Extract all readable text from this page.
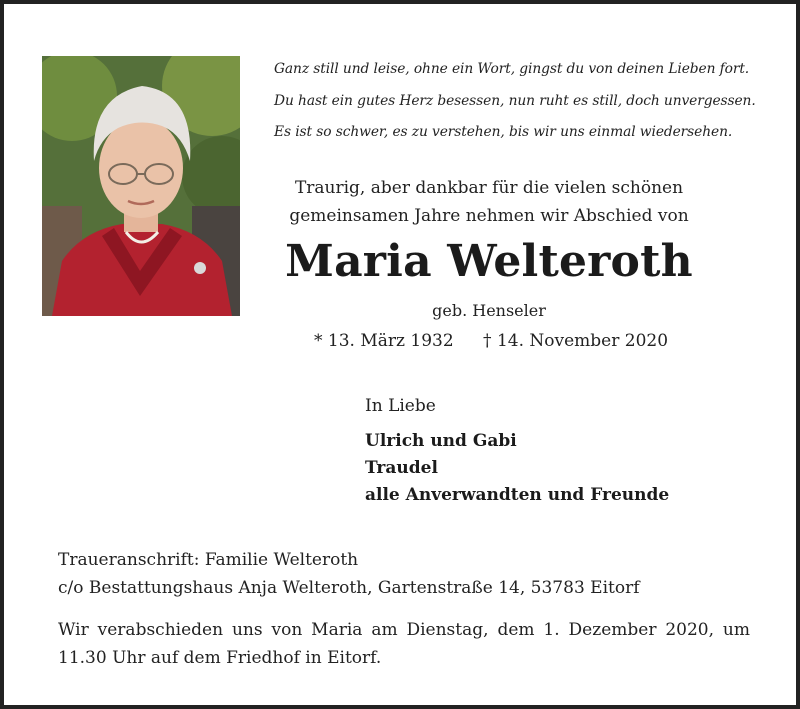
Ganz still und leise, ohne ein Wort, gingst du von deinen Lieben fort.
Du hast ein gutes Herz besessen, nun ruht es still, doch unvergessen.
Es ist so schwer, es zu verstehen, bis wir uns einmal wiedersehen.
Traurig, aber dankbar für die vielen schönen
gemeinsamen Jahre nehmen wir Abschied von
Maria Welteroth
geb. Henseler
* 13. März 1932 † 14. November 2020
In Liebe
Ulrich und Gabi
Traudel
alle Anverwandten und Freunde
Traueranschrift: Familie Welteroth
c/o Bestattungshaus Anja Welteroth, Gartenstraße 14, 53783 Eitorf
Wir verabschieden uns von Maria am Dienstag, dem 1. Dezember 2020, um 11.30 Uhr auf dem Friedhof in Eitorf.
